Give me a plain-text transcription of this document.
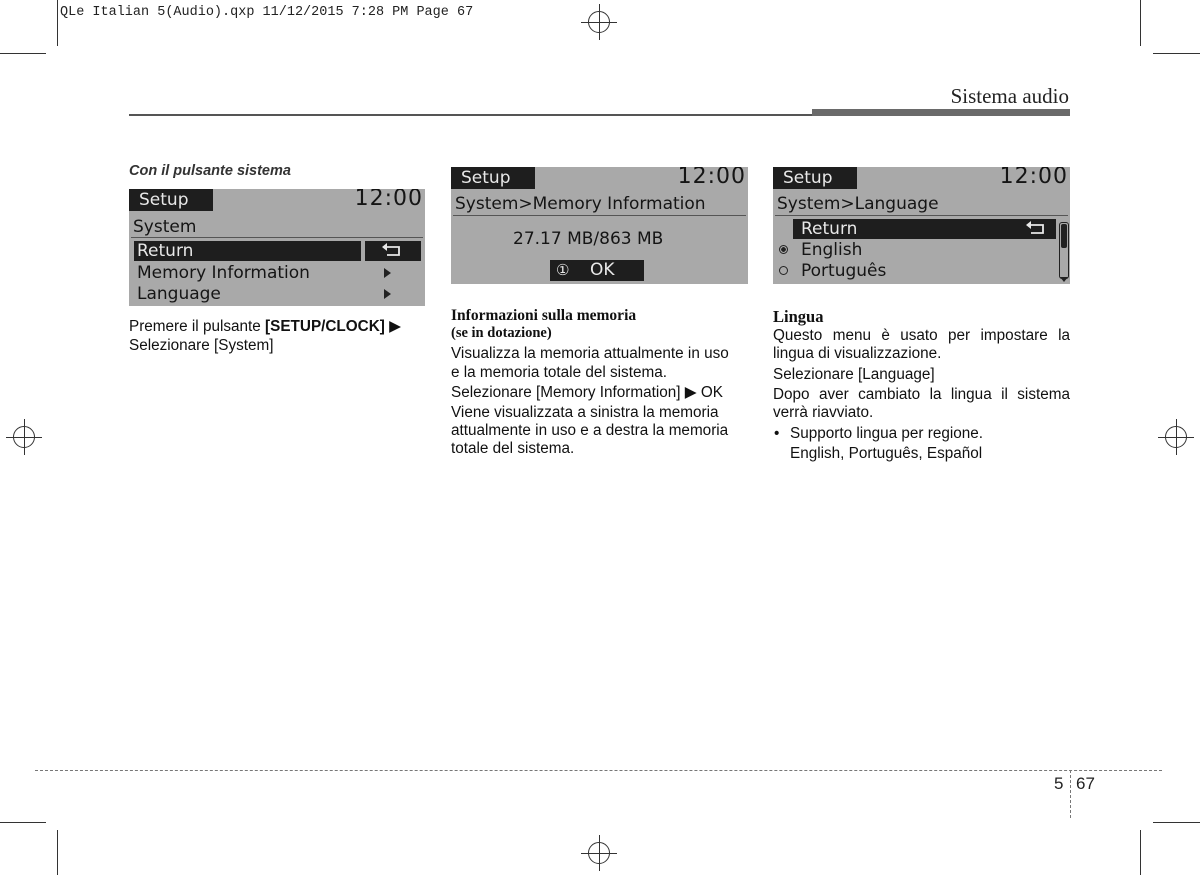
QLe Italian 5(Audio).qxp 11/12/2015 7:28 PM Page 67
Sistema audio
Con il pulsante sistema
Setup	12:00
System
Return
Memory Information
Language
Premere il pulsante [SETUP/CLOCK] ▶
Selezionare [System]
Setup	12:00
System>Memory Information
27.17 MB/863 MB
① OK
Informazioni sulla memoria
(se in dotazione)
Visualizza la memoria attualmente in uso
e la memoria totale del sistema.
Selezionare [Memory Information] ▶ OK
Viene visualizzata a sinistra la memoria
attualmente in uso e a destra la memoria
totale del sistema.
Setup	12:00
System>Language
Return
English
Português
Lingua
Questo menu è usato per impostare la
lingua di visualizzazione.
Selezionare [Language]
Dopo aver cambiato la lingua il sistema
verrà riavviato.
• Supporto lingua per regione.
English, Português, Español
5 67
